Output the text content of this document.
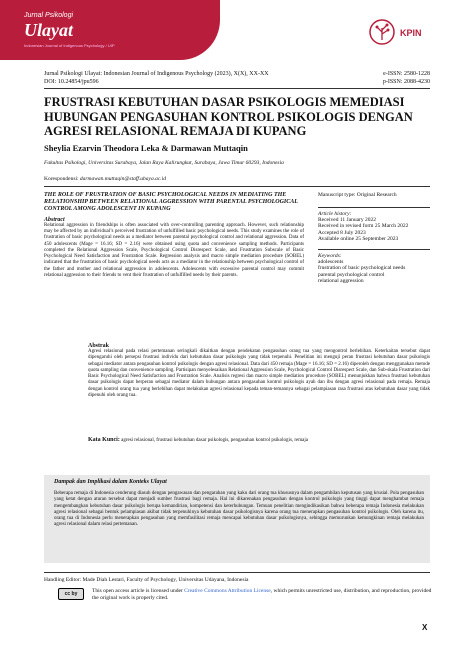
Jurnal Psikologi
Ulayat
Indonesian Journal of Indigenous Psychology / UIP
KPIN
Jurnal Psikologi Ulayat: Indonesian Journal of Indigenous Psychology (2023), X(X), XX-XX
DOI: 10.24854/jpu596
e-ISSN: 2580-1228
p-ISSN: 2088-4230
FRUSTRASI KEBUTUHAN DASAR PSIKOLOGIS MEMEDIASI HUBUNGAN PENGASUHAN KONTROL PSIKOLOGIS DENGAN AGRESI RELASIONAL REMAJA DI KUPANG
Sheylia Ezarvin Theodora Leka & Darmawan Muttaqin
Fakultas Psikologi, Universitas Surabaya, Jalan Raya Kalirungkut, Surabaya, Jawa Timur 60293, Indonesia
Korespondensi: darmawan.muttaqin@staff.ubaya.ac.id
THE ROLE OF FRUSTRATION OF BASIC PSYCHOLOGICAL NEEDS IN MEDIATING THE RELATIONSHIP BETWEEN RELATIONAL AGGRESSION WITH PARENTAL PSYCHOLOGICAL CONTROL AMONG ADOLESCENT IN KUPANG
Abstract
Relational aggression in friendships is often associated with over-controlling parenting approach. However, such relationship may be affected by an individual’s perceived frustration of unfulfilled basic psychological needs. This study examines the role of frustration of basic psychological needs as a mediator between parental psychological control and relational aggression. Data of 450 adolescents (Mage = 16.16; SD = 2.16) were obtained using quota and convenience sampling methods. Participants completed the Relational Aggression Scale, Psychological Control Disrespect Scale, and Frustration Subscale of Basic Psychological Need Satisfaction and Frustration Scale. Regression analysis and macro simple mediation procedure (SOBEL) indicated that the frustration of basic psychological needs acts as a mediator in the relationship between psychological control of the father and mother and relational aggression in adolescents. Adolescents with excessive parental control may commit relational aggression to their friends to vent their frustration of unfulfilled needs by their parents.
Manuscript type: Original Research
Article history:
Received 11 January 2022
Received in revised form 25 March 2022
Accepted 8 July 2023
Available online 25 September 2023
Keywords:
adolescents
frustration of basic psychological needs
parental psychological control
relational aggression
Abstrak
Agresi relasional pada relasi pertemanan seringkali dikaitkan dengan pendekatan pengasuhan orang tua yang mengontrol berlebihan. Keterkaitan tersebut dapat dipengaruhi oleh persepsi frustrasi individu dari kebutuhan dasar psikologis yang tidak terpenuhi. Penelitian ini menguji peran frustrasi kebutuhan dasar psikologis sebagai mediator antara pengasuhan kontrol psikologis dengan agresi relasional. Data dari 450 remaja (Mage = 16.16; SD = 2.16) diperoleh dengan menggunakan metode quota sampling dan convenience sampling. Partisipan menyelesaikan Relational Aggression Scale, Psychological Control Disrespect Scale, dan Sub-skala Frustration dari Basic Psychological Need Satisfaction and Frustration Scale. Analisis regresi dan macro simple mediation procedure (SOBEL) menunjukkan bahwa frustrasi kebutuhan dasar psikologis dapat berperan sebagai mediator dalam hubungan antara pengasuhan kontrol psikologis ayah dan ibu dengan agresi relasional pada remaja. Remaja dengan kontrol orang tua yang berlebihan dapat melakukan agresi relasional kepada teman-temannya sebagai pelampiasan rasa frustrasi atas kebutuhan dasar yang tidak dipenuhi oleh orang tua.
Kata Kunci: agresi relasional, frustrasi kebutuhan dasar psikologis, pengasuhan kontrol psikologis, remaja
Dampak dan Implikasi dalam Konteks Ulayat
Beberapa remaja di Indonesia cenderung diasuh dengan pengawasan dan pengarahan yang kaku dari orang tua khususnya dalam pengambilan keputusan yang krusial. Pola pengasuhan yang ketat dengan aturan tersebut dapat menjadi sumber frustrasi bagi remaja. Hal ini dikarenakan pengasuhan dengan kontrol psikologis yang tinggi dapat menghambat remaja mengembangkan kebutuhan dasar psikologis berupa kemandirian, kompetensi dan keterhubungan. Temuan penelitian mengindikasikan bahwa beberapa remaja Indonesia melakukan agresi relasional sebagai bentuk pelampiasan akibat tidak terpenuhinya kebutuhan dasar psikologisnya karena orang tua menerapkan pengasuhan kontrol psikologis. Oleh karena itu, orang tua di Indonesia perlu menerapkan pengasuhan yang memfasilitasi remaja mencapai kebutuhan dasar psikologisnya, sehingga memurunkan kemungkinan remaja melakukan agresi relasional dalam relasi pertemanan.
Handling Editor: Made Diah Lestari, Faculty of Psychology, Universitas Udayana, Indonesia
cc by	This open access article is licensed under Creative Commons Attribution License, which permits unrestricted use, distribution, and reproduction, provided the original work is properly cited.
X
